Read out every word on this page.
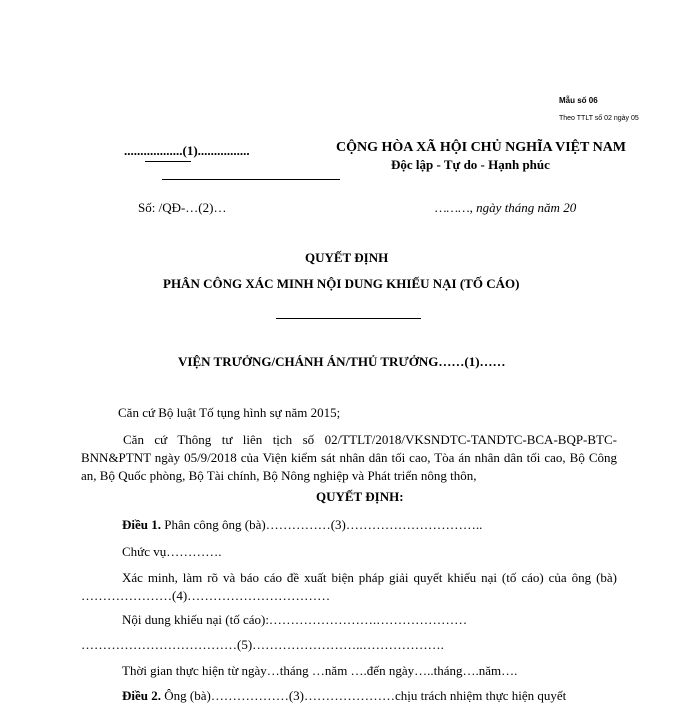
Mẫu số 06
Theo TTLT số 02 ngày 05
..................(1)................	CỘNG HÒA XÃ HỘI CHỦ NGHĨA VIỆT NAM
Độc lập - Tự do - Hạnh phúc
Số: /QĐ-…(2)…	………, ngày tháng năm 20
QUYẾT ĐỊNH
PHÂN CÔNG XÁC MINH NỘI DUNG KHIẾU NẠI (TỐ CÁO)
VIỆN TRƯỞNG/CHÁNH ÁN/THỦ TRƯỞNG……(1)……
Căn cứ Bộ luật Tố tụng hình sự năm 2015;
Căn cứ Thông tư liên tịch số 02/TTLT/2018/VKSNDTC-TANDTC-BCA-BQP-BTC-BNN&PTNT ngày 05/9/2018 của Viện kiểm sát nhân dân tối cao, Tòa án nhân dân tối cao, Bộ Công an, Bộ Quốc phòng, Bộ Tài chính, Bộ Nông nghiệp và Phát triển nông thôn,
QUYẾT ĐỊNH:
Điều 1. Phân công ông (bà)……………(3)…………………………..
Chức vụ………….
Xác minh, làm rõ và báo cáo đề xuất biện pháp giải quyết khiếu nại (tố cáo) của ông (bà) …………………(4)……………………………
Nội dung khiếu nại (tố cáo):…………………….…………………
………………………………(5)……………………..……………….
Thời gian thực hiện từ ngày…tháng …năm ….đến ngày…..tháng….năm….
Điều 2. Ông (bà)………………(3)…………………chịu trách nhiệm thực hiện quyết
